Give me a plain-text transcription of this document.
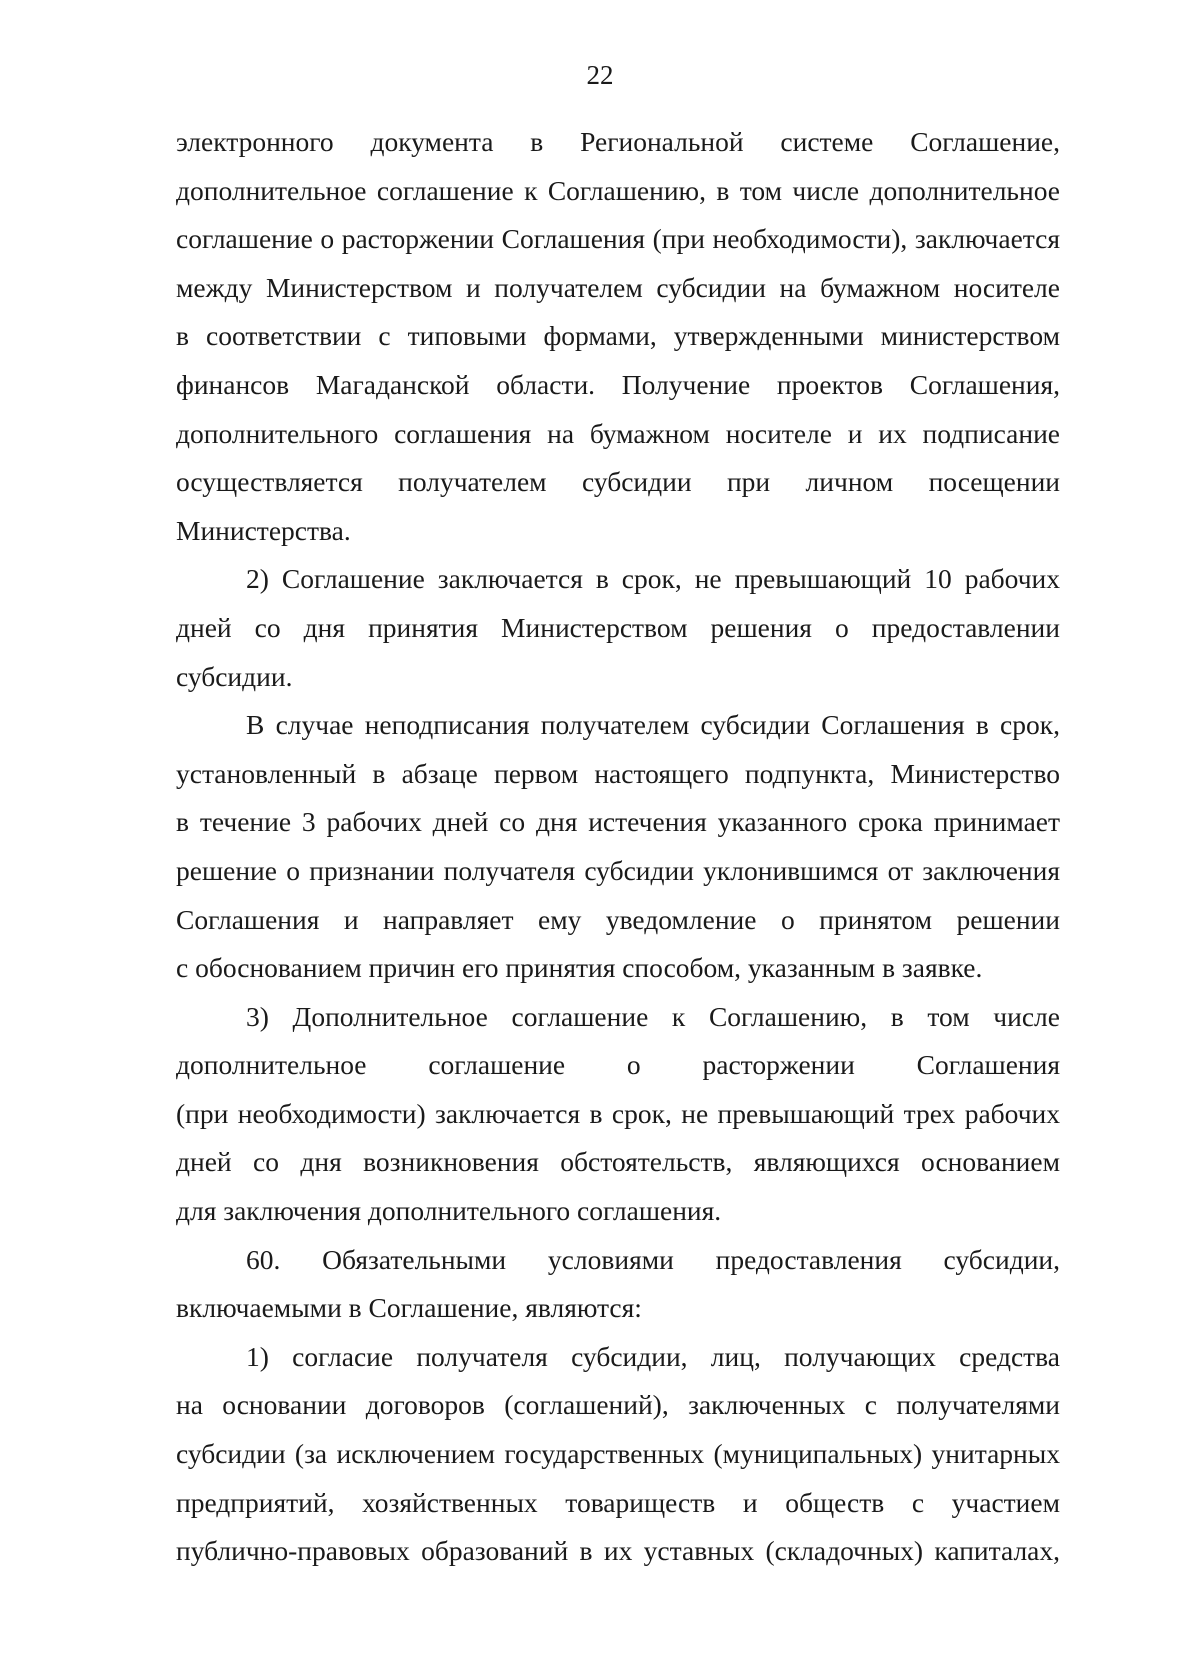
22
электронного документа в Региональной системе Соглашение,
дополнительное соглашение к Соглашению, в том числе дополнительное
соглашение о расторжении Соглашения (при необходимости), заключается
между Министерством и получателем субсидии на бумажном носителе
в соответствии с типовыми формами, утвержденными министерством
финансов Магаданской области. Получение проектов Соглашения,
дополнительного соглашения на бумажном носителе и их подписание
осуществляется получателем субсидии при личном посещении
Министерства.
2) Соглашение заключается в срок, не превышающий 10 рабочих
дней со дня принятия Министерством решения о предоставлении
субсидии.
В случае неподписания получателем субсидии Соглашения в срок,
установленный в абзаце первом настоящего подпункта, Министерство
в течение 3 рабочих дней со дня истечения указанного срока принимает
решение о признании получателя субсидии уклонившимся от заключения
Соглашения и направляет ему уведомление о принятом решении
с обоснованием причин его принятия способом, указанным в заявке.
3) Дополнительное соглашение к Соглашению, в том числе
дополнительное соглашение о расторжении Соглашения
(при необходимости) заключается в срок, не превышающий трех рабочих
дней со дня возникновения обстоятельств, являющихся основанием
для заключения дополнительного соглашения.
60. Обязательными условиями предоставления субсидии,
включаемыми в Соглашение, являются:
1) согласие получателя субсидии, лиц, получающих средства
на основании договоров (соглашений), заключенных с получателями
субсидии (за исключением государственных (муниципальных) унитарных
предприятий, хозяйственных товариществ и обществ с участием
публично-правовых образований в их уставных (складочных) капиталах,
